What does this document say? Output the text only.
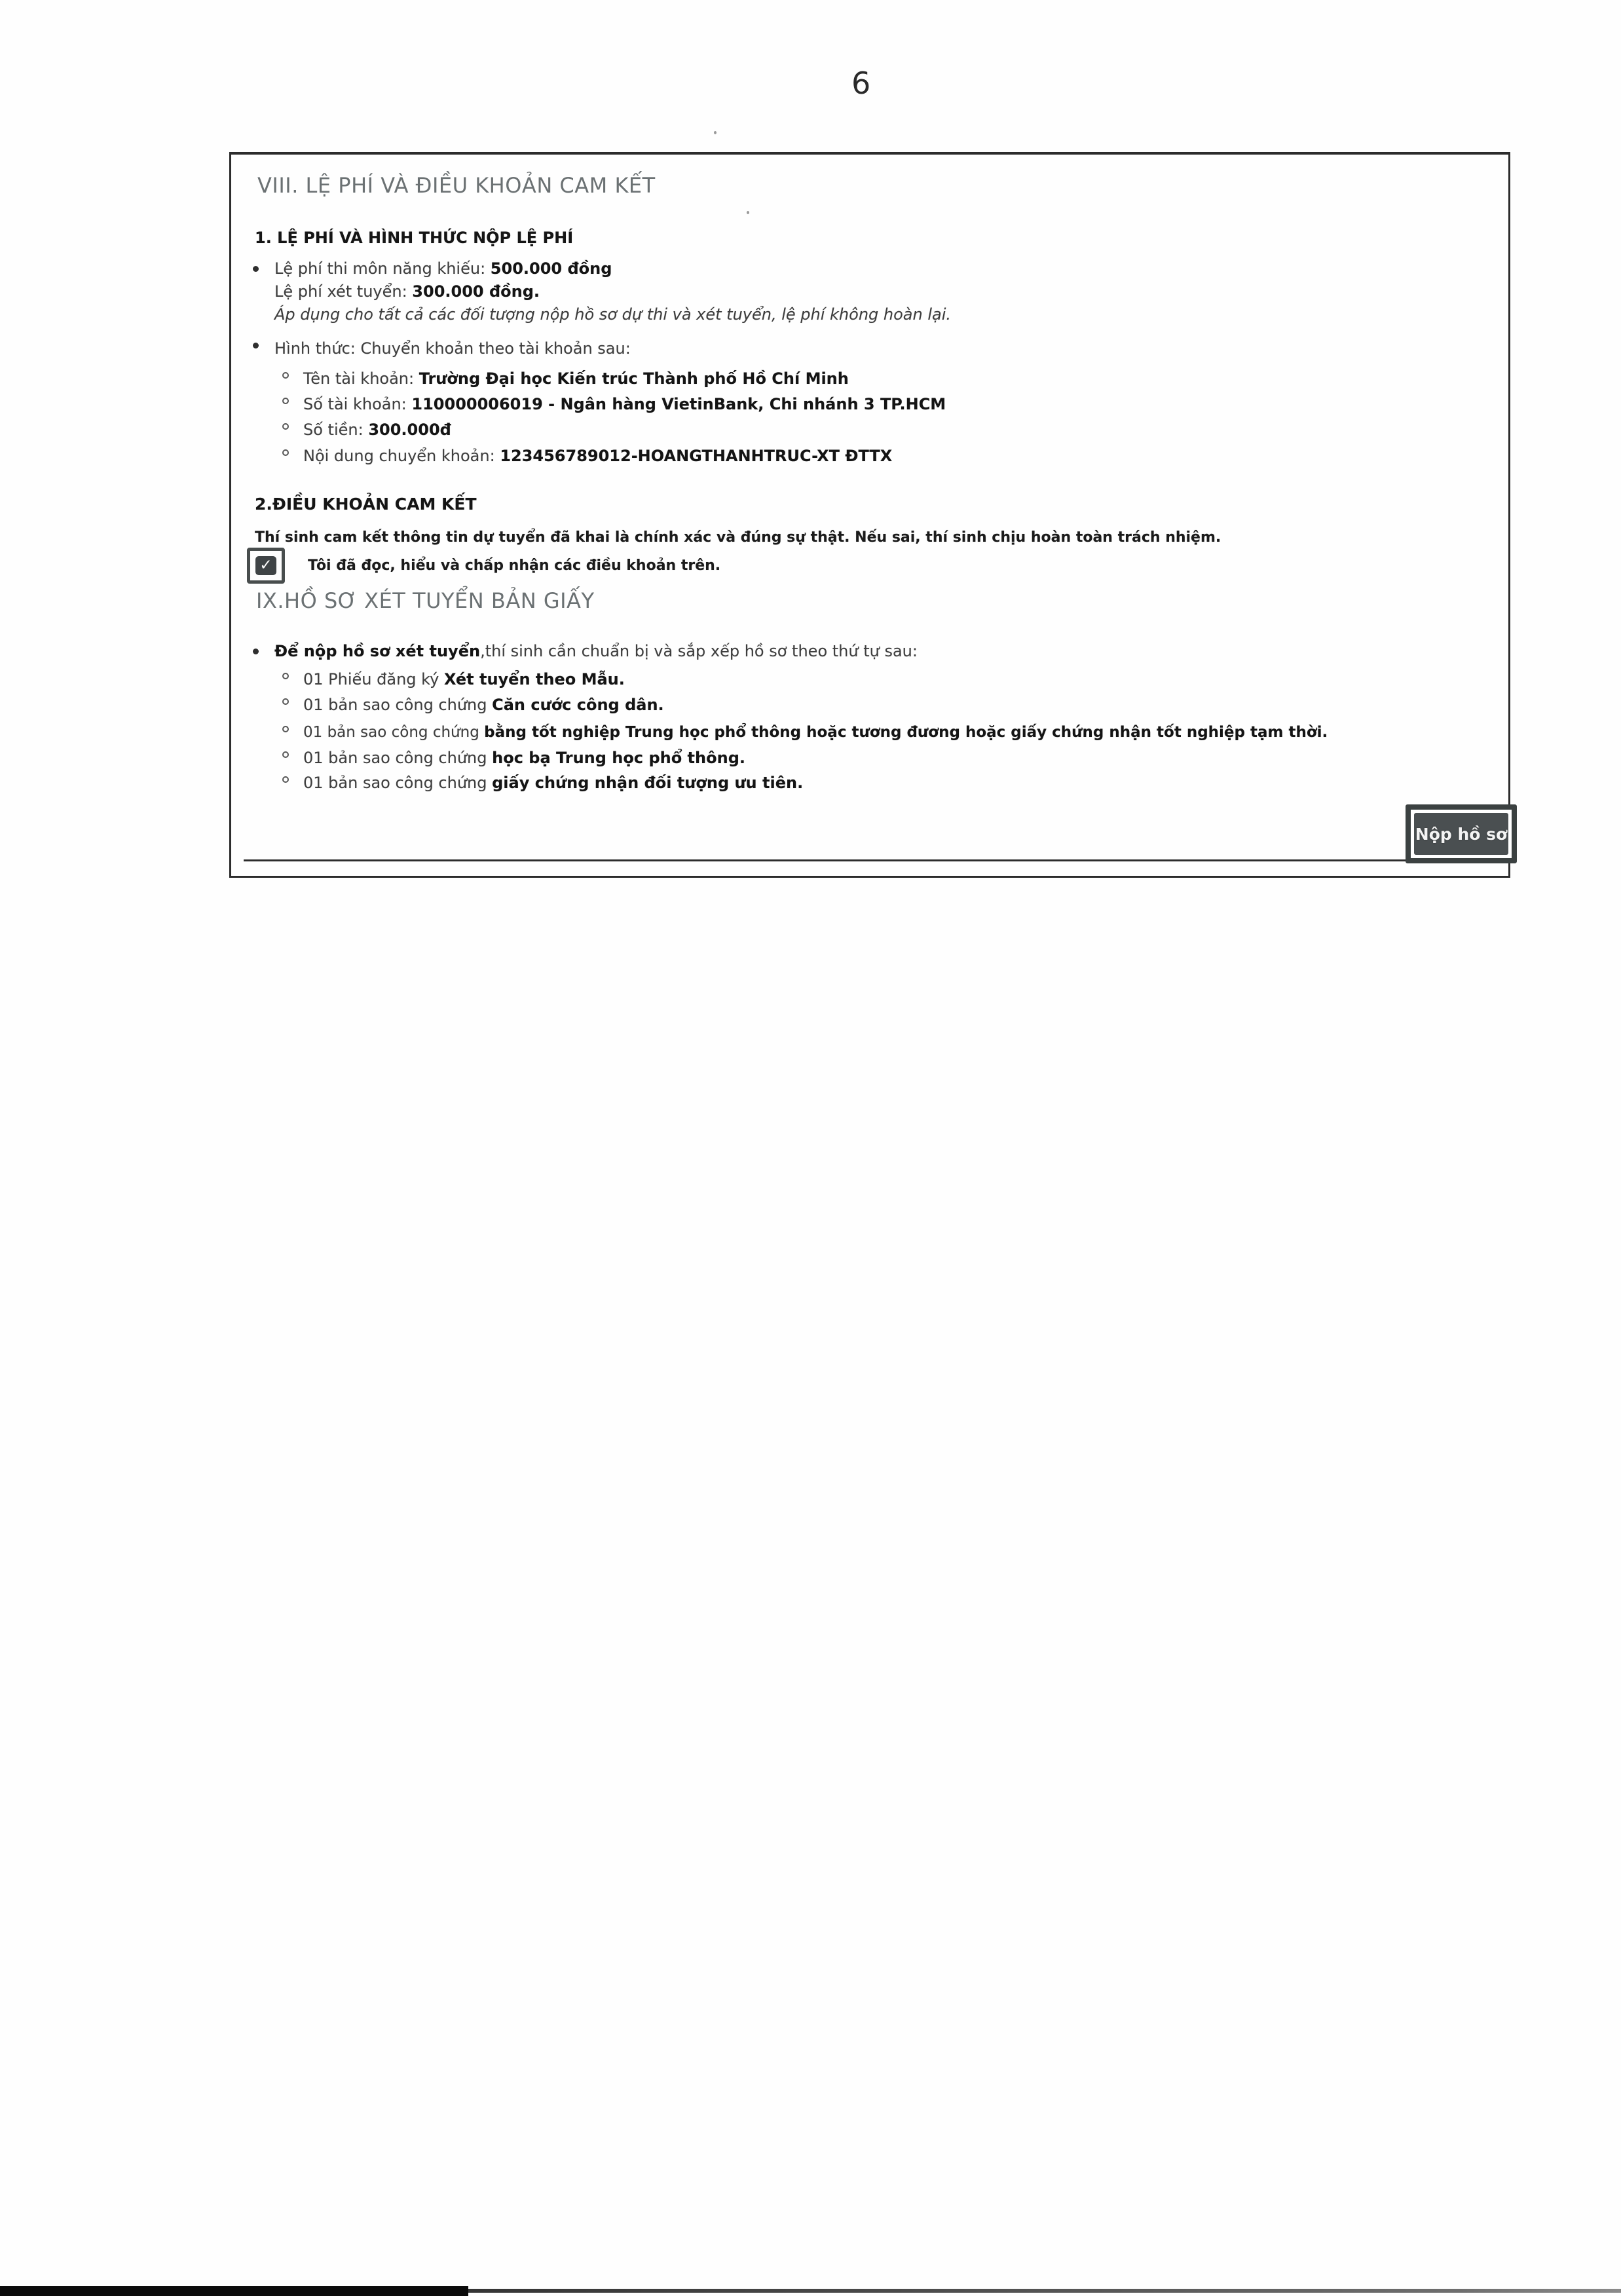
6
VIII. LỆ PHÍ VÀ ĐIỀU KHOẢN CAM KẾT
1. LỆ PHÍ VÀ HÌNH THỨC NỘP LỆ PHÍ
Lệ phí thi môn năng khiếu: 500.000 đồng
Lệ phí xét tuyển: 300.000 đồng.
Áp dụng cho tất cả các đối tượng nộp hồ sơ dự thi và xét tuyển, lệ phí không hoàn lại.
Hình thức: Chuyển khoản theo tài khoản sau:
Tên tài khoản: Trường Đại học Kiến trúc Thành phố Hồ Chí Minh
Số tài khoản: 110000006019 - Ngân hàng VietinBank, Chi nhánh 3 TP.HCM
Số tiền: 300.000đ
Nội dung chuyển khoản: 123456789012-HOANGTHANHTRUC-XT ĐTTX
2.ĐIỀU KHOẢN CAM KẾT
Thí sinh cam kết thông tin dự tuyển đã khai là chính xác và đúng sự thật. Nếu sai, thí sinh chịu hoàn toàn trách nhiệm.
✓ Tôi đã đọc, hiểu và chấp nhận các điều khoản trên.
IX.HỒ SƠ XÉT TUYỂN BẢN GIẤY
Để nộp hồ sơ xét tuyển,thí sinh cần chuẩn bị và sắp xếp hồ sơ theo thứ tự sau:
01 Phiếu đăng ký Xét tuyển theo Mẫu.
01 bản sao công chứng Căn cước công dân.
01 bản sao công chứng bằng tốt nghiệp Trung học phổ thông hoặc tương đương hoặc giấy chứng nhận tốt nghiệp tạm thời.
01 bản sao công chứng học bạ Trung học phổ thông.
01 bản sao công chứng giấy chứng nhận đối tượng ưu tiên.
Nộp hồ sơ
